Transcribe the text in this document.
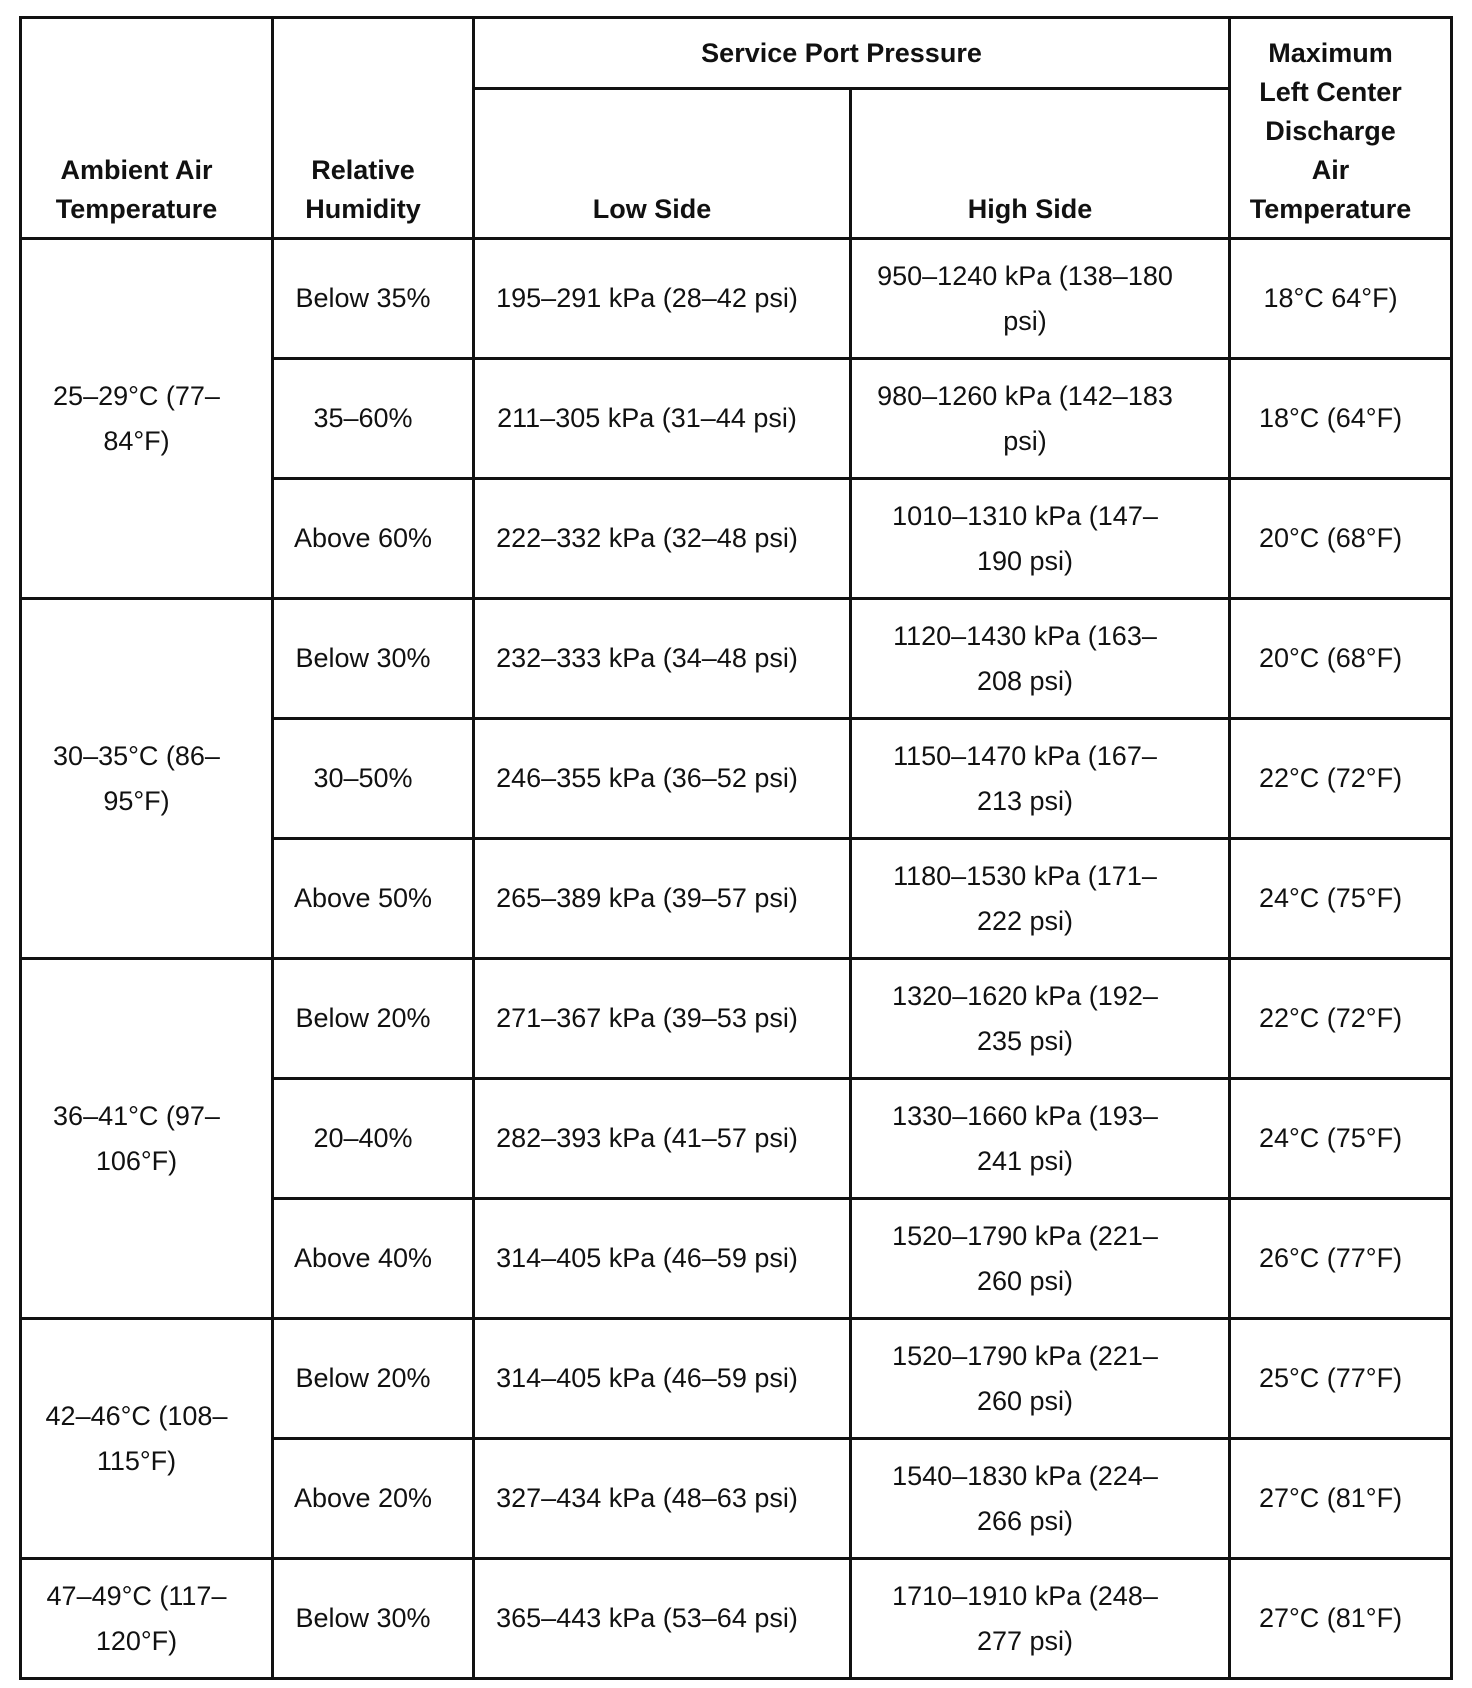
Ambient Air Temperature	Relative Humidity	Service Port Pressure		Maximum Left Center Discharge Air Temperature
		Low Side	High Side	
25–29°C (77–84°F)	Below 35%	195–291 kPa (28–42 psi)	950–1240 kPa (138–180 psi)	18°C 64°F)
	35–60%	211–305 kPa (31–44 psi)	980–1260 kPa (142–183 psi)	18°C (64°F)
	Above 60%	222–332 kPa (32–48 psi)	1010–1310 kPa (147–190 psi)	20°C (68°F)
30–35°C (86–95°F)	Below 30%	232–333 kPa (34–48 psi)	1120–1430 kPa (163–208 psi)	20°C (68°F)
	30–50%	246–355 kPa (36–52 psi)	1150–1470 kPa (167–213 psi)	22°C (72°F)
	Above 50%	265–389 kPa (39–57 psi)	1180–1530 kPa (171–222 psi)	24°C (75°F)
36–41°C (97–106°F)	Below 20%	271–367 kPa (39–53 psi)	1320–1620 kPa (192–235 psi)	22°C (72°F)
	20–40%	282–393 kPa (41–57 psi)	1330–1660 kPa (193–241 psi)	24°C (75°F)
	Above 40%	314–405 kPa (46–59 psi)	1520–1790 kPa (221–260 psi)	26°C (77°F)
42–46°C (108–115°F)	Below 20%	314–405 kPa (46–59 psi)	1520–1790 kPa (221–260 psi)	25°C (77°F)
	Above 20%	327–434 kPa (48–63 psi)	1540–1830 kPa (224–266 psi)	27°C (81°F)
47–49°C (117–120°F)	Below 30%	365–443 kPa (53–64 psi)	1710–1910 kPa (248–277 psi)	27°C (81°F)
